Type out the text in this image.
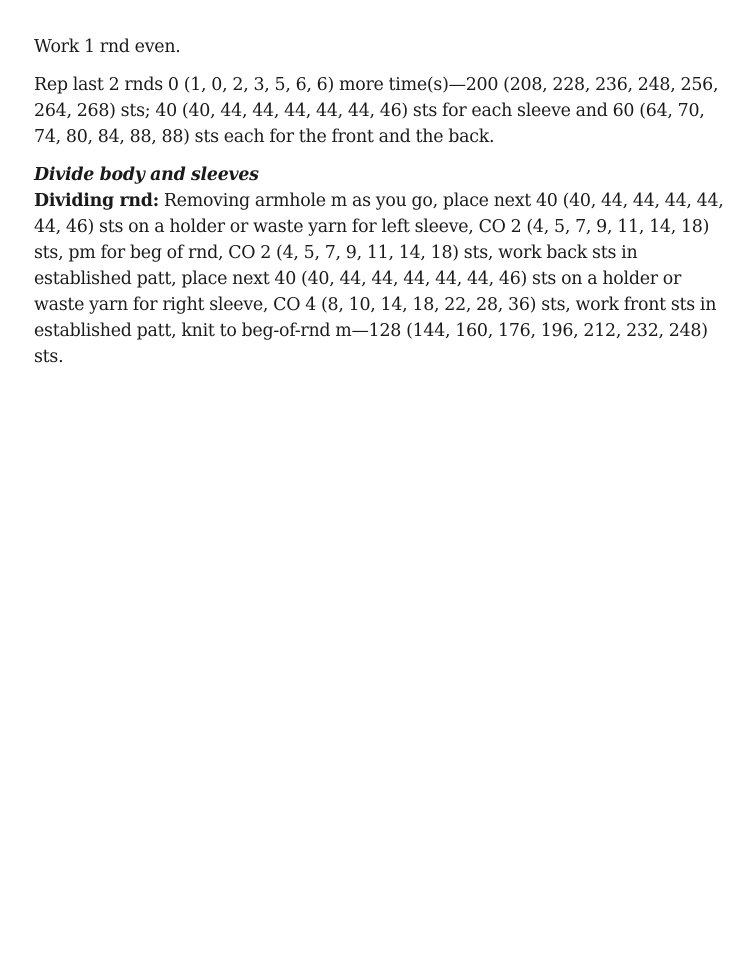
Work 1 rnd even.

Rep last 2 rnds 0 (1, 0, 2, 3, 5, 6, 6) more time(s)—200 (208, 228, 236, 248, 256, 264, 268) sts; 40 (40, 44, 44, 44, 44, 44, 46) sts for each sleeve and 60 (64, 70, 74, 80, 84, 88, 88) sts each for the front and the back.

Divide body and sleeves

Dividing rnd: Removing armhole m as you go, place next 40 (40, 44, 44, 44, 44, 44, 46) sts on a holder or waste yarn for left sleeve, CO 2 (4, 5, 7, 9, 11, 14, 18) sts, pm for beg of rnd, CO 2 (4, 5, 7, 9, 11, 14, 18) sts, work back sts in established patt, place next 40 (40, 44, 44, 44, 44, 44, 46) sts on a holder or waste yarn for right sleeve, CO 4 (8, 10, 14, 18, 22, 28, 36) sts, work front sts in established patt, knit to beg-of-rnd m—128 (144, 160, 176, 196, 212, 232, 248) sts.
